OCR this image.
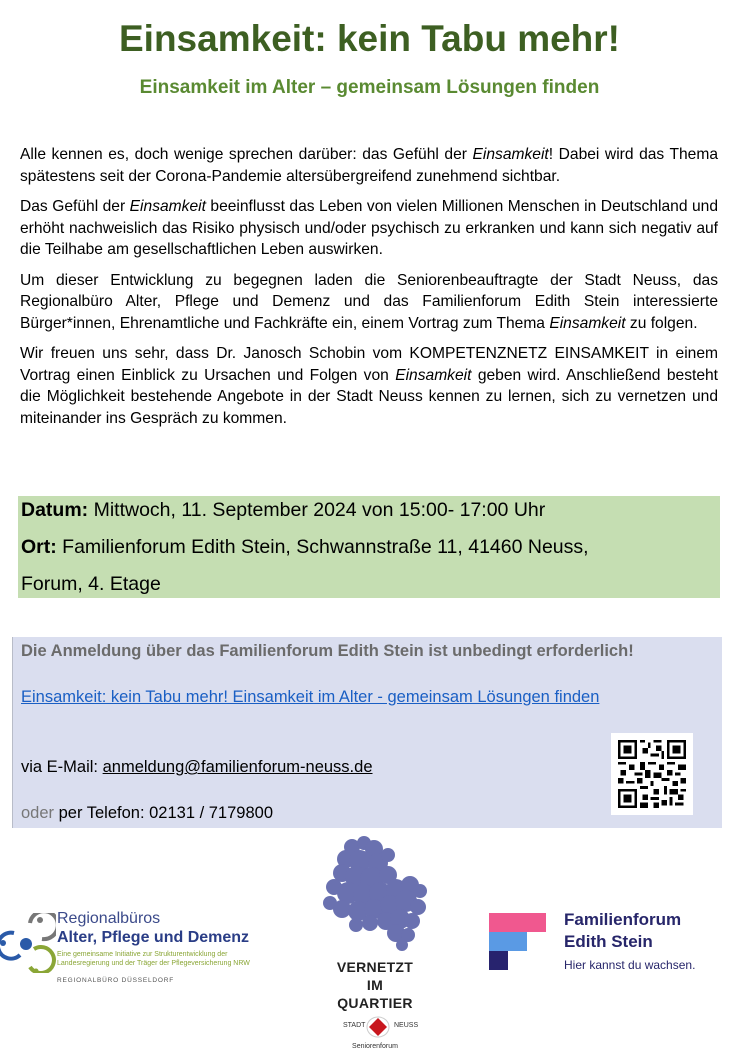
Einsamkeit: kein Tabu mehr!
Einsamkeit im Alter – gemeinsam Lösungen finden

Alle kennen es, doch wenige sprechen darüber: das Gefühl der Einsamkeit! Dabei wird das Thema spätestens seit der Corona-Pandemie altersübergreifend zunehmend sichtbar.

Das Gefühl der Einsamkeit beeinflusst das Leben von vielen Millionen Menschen in Deutschland und erhöht nachweislich das Risiko physisch und/oder psychisch zu erkranken und kann sich negativ auf die Teilhabe am gesellschaftlichen Leben auswirken.

Um dieser Entwicklung zu begegnen laden die Seniorenbeauftragte der Stadt Neuss, das Regionalbüro Alter, Pflege und Demenz und das Familienforum Edith Stein interessierte Bürger*innen, Ehrenamtliche und Fachkräfte ein, einem Vortrag zum Thema Einsamkeit zu folgen.

Wir freuen uns sehr, dass Dr. Janosch Schobin vom KOMPETENZNETZ EINSAMKEIT in einem Vortrag einen Einblick zu Ursachen und Folgen von Einsamkeit geben wird. Anschließend besteht die Möglichkeit bestehende Angebote in der Stadt Neuss kennen zu lernen, sich zu vernetzen und miteinander ins Gespräch zu kommen.

Datum: Mittwoch, 11. September 2024 von 15:00- 17:00 Uhr
Ort: Familienforum Edith Stein, Schwannstraße 11, 41460 Neuss,
Forum, 4. Etage
Die Anmeldung über das Familienforum Edith Stein ist unbedingt erforderlich!
Einsamkeit: kein Tabu mehr! Einsamkeit im Alter - gemeinsam Lösungen finden
via E-Mail: anmeldung@familienforum-neuss.de
oder per Telefon: 02131 / 7179800
Regionalbüros
Alter, Pflege und Demenz
Eine gemeinsame Initiative zur Strukturentwicklung der
Landesregierung und der Träger der Pflegeversicherung NRW
REGIONALBÜRO DÜSSELDORF
VERNETZT
IM
QUARTIER
STADT	NEUSS
Seniorenforum
Familienforum
Edith Stein
Hier kannst du wachsen.
